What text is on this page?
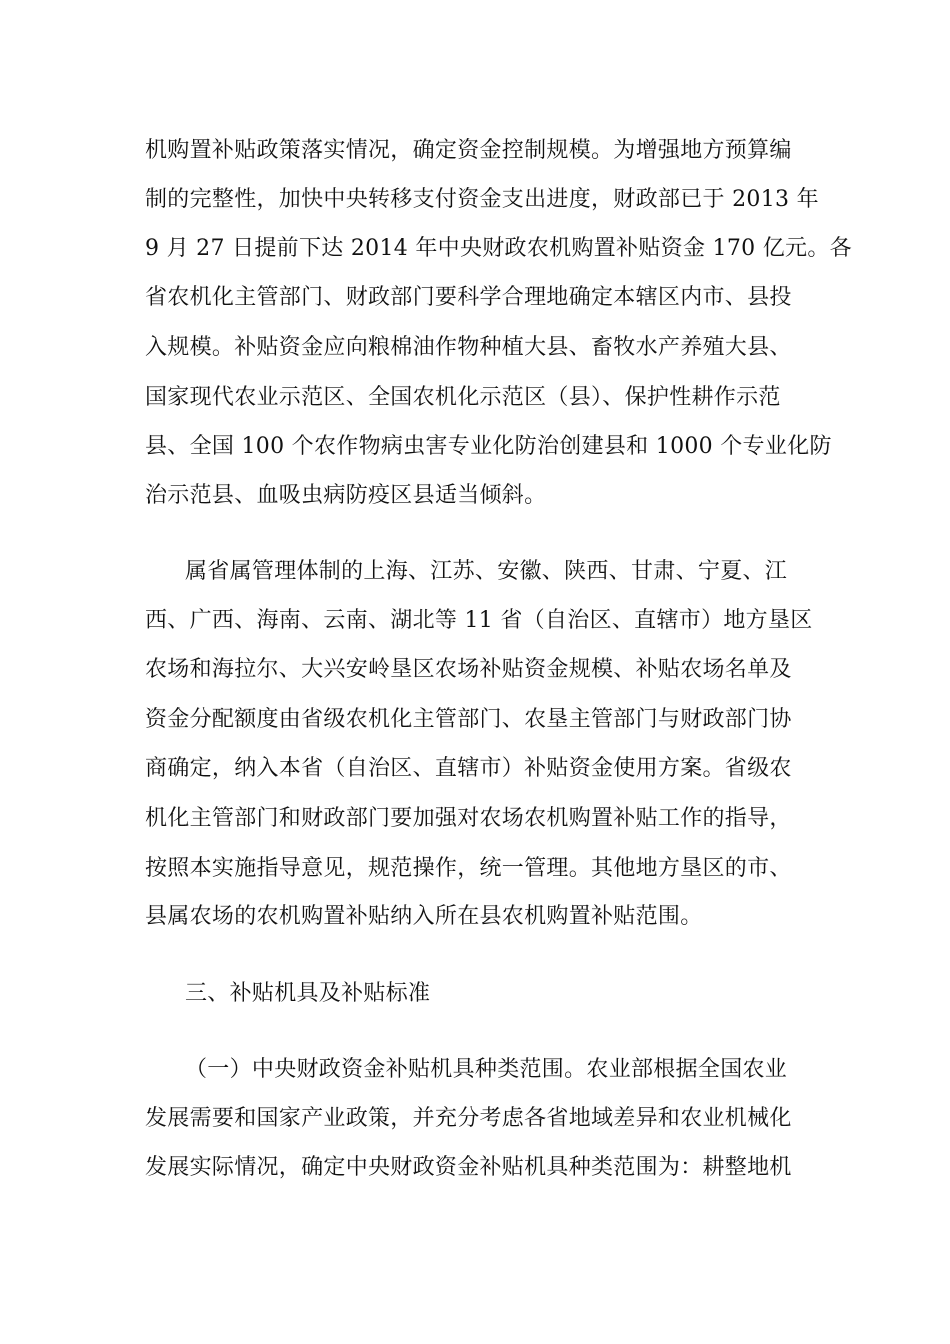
机购置补贴政策落实情况，确定资金控制规模。为增强地方预算编
制的完整性，加快中央转移支付资金支出进度，财政部已于 2013 年
9 月 27 日提前下达 2014 年中央财政农机购置补贴资金 170 亿元。各
省农机化主管部门、财政部门要科学合理地确定本辖区内市、县投
入规模。补贴资金应向粮棉油作物种植大县、畜牧水产养殖大县、
国家现代农业示范区、全国农机化示范区（县）、保护性耕作示范
县、全国 100 个农作物病虫害专业化防治创建县和 1000 个专业化防
治示范县、血吸虫病防疫区县适当倾斜。
属省属管理体制的上海、江苏、安徽、陕西、甘肃、宁夏、江
西、广西、海南、云南、湖北等 11 省（自治区、直辖市）地方垦区
农场和海拉尔、大兴安岭垦区农场补贴资金规模、补贴农场名单及
资金分配额度由省级农机化主管部门、农垦主管部门与财政部门协
商确定，纳入本省（自治区、直辖市）补贴资金使用方案。省级农
机化主管部门和财政部门要加强对农场农机购置补贴工作的指导，
按照本实施指导意见，规范操作，统一管理。其他地方垦区的市、
县属农场的农机购置补贴纳入所在县农机购置补贴范围。
三、补贴机具及补贴标准
（一）中央财政资金补贴机具种类范围。农业部根据全国农业
发展需要和国家产业政策，并充分考虑各省地域差异和农业机械化
发展实际情况，确定中央财政资金补贴机具种类范围为：耕整地机
